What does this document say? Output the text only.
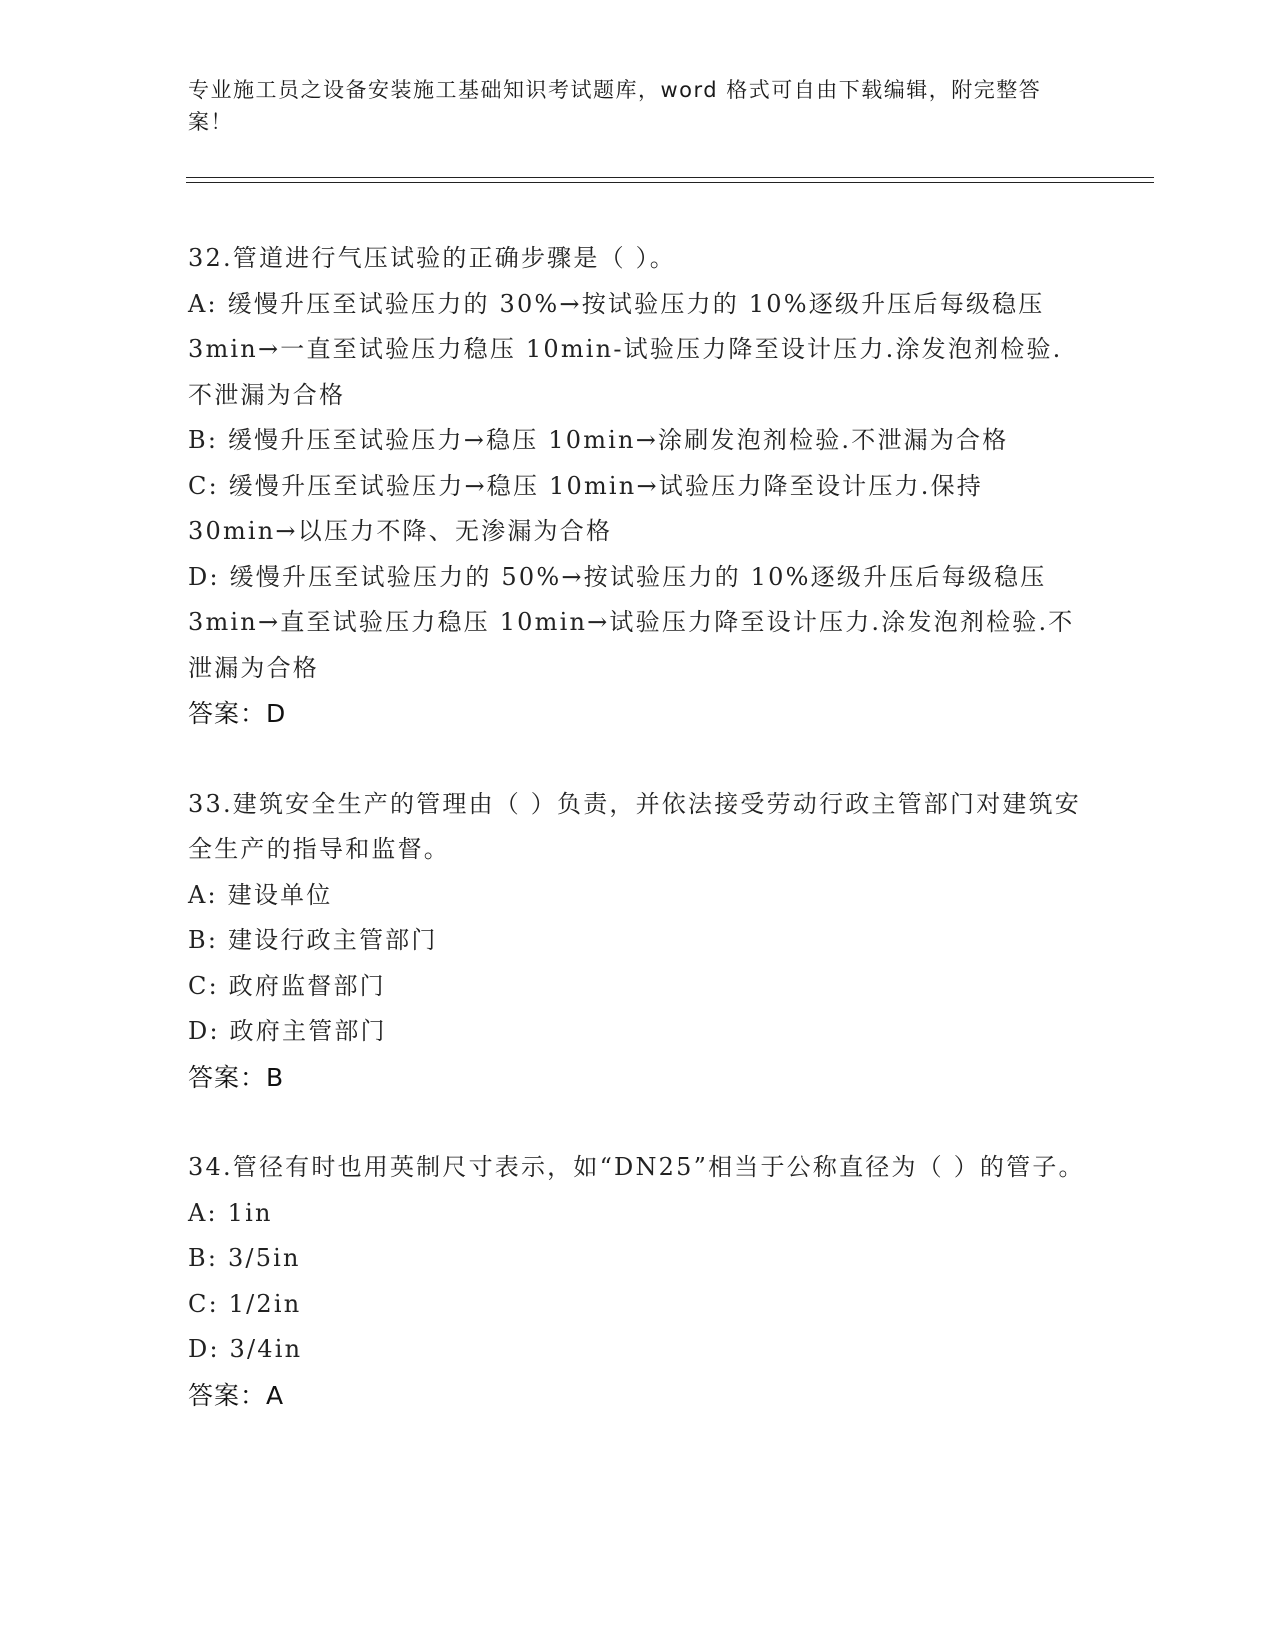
专业施工员之设备安装施工基础知识考试题库，word 格式可自由下载编辑，附完整答案！
32.管道进行气压试验的正确步骤是（ ）。
A: 缓慢升压至试验压力的 30%→按试验压力的 10%逐级升压后每级稳压 3min→一直至试验压力稳压 10min-试验压力降至设计压力.涂发泡剂检验.不泄漏为合格
B: 缓慢升压至试验压力→稳压 10min→涂刷发泡剂检验.不泄漏为合格
C: 缓慢升压至试验压力→稳压 10min→试验压力降至设计压力.保持 30min→以压力不降、无渗漏为合格
D: 缓慢升压至试验压力的 50%→按试验压力的 10%逐级升压后每级稳压 3min→直至试验压力稳压 10min→试验压力降至设计压力.涂发泡剂检验.不泄漏为合格
答案：D
33.建筑安全生产的管理由（ ）负责，并依法接受劳动行政主管部门对建筑安全生产的指导和监督。
A: 建设单位
B: 建设行政主管部门
C: 政府监督部门
D: 政府主管部门
答案：B
34.管径有时也用英制尺寸表示，如“DN25”相当于公称直径为（ ）的管子。
A: 1in
B: 3/5in
C: 1/2in
D: 3/4in
答案：A
